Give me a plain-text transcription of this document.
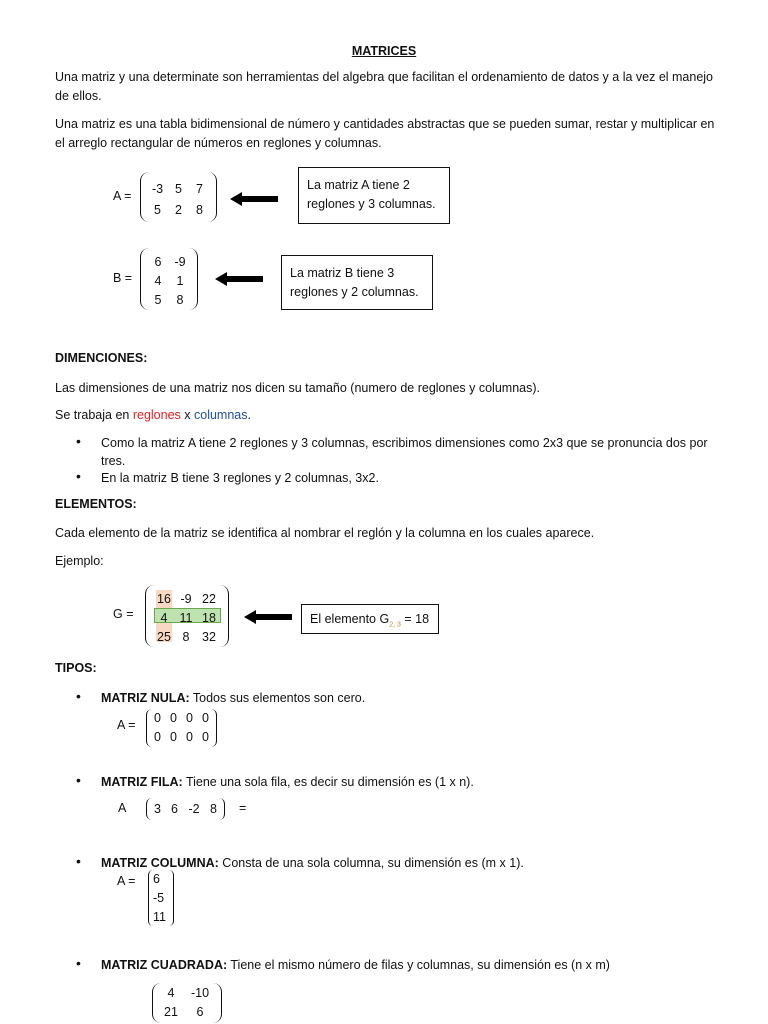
MATRICES
Una matriz y una determinate son herramientas del algebra que facilitan el ordenamiento de datos y a la vez el manejo de ellos.
Una matriz es una tabla bidimensional de número y cantidades abstractas que se pueden sumar, restar y multiplicar en el arreglo rectangular de números en reglones y columnas.
A =
-3 5 7
5 2 8
La matriz A tiene 2
reglones y 3 columnas.
B =
6 -9
4 1
5 8
La matriz B tiene 3
reglones y 2 columnas.
DIMENCIONES:
Las dimensiones de una matriz nos dicen su tamaño (numero de reglones y columnas).
Se trabaja en reglones x columnas.
• Como la matriz A tiene 2 reglones y 3 columnas, escribimos dimensiones como 2x3 que se pronuncia dos por tres.
• En la matriz B tiene 3 reglones y 2 columnas, 3x2.
ELEMENTOS:
Cada elemento de la matriz se identifica al nombrar el reglón y la columna en los cuales aparece.
Ejemplo:
G =
16 -9 22
4 11 18
25 8	32
El elemento $G_{2, 3} = 18$
TIPOS:
• MATRIZ NULA: Todos sus elementos son cero.
A =
0 0 0 0
0 0 0 0
• MATRIZ FILA: Tiene una sola fila, es decir su dimensión es (1 x n).
A 3 6 -2 8 =
• MATRIZ COLUMNA: Consta de una sola columna, su dimensión es (m x 1).
A = 6
-5
11
• MATRIZ CUADRADA: Tiene el mismo número de filas y columnas, su dimensión es (n x m)
4	-10
21	6
